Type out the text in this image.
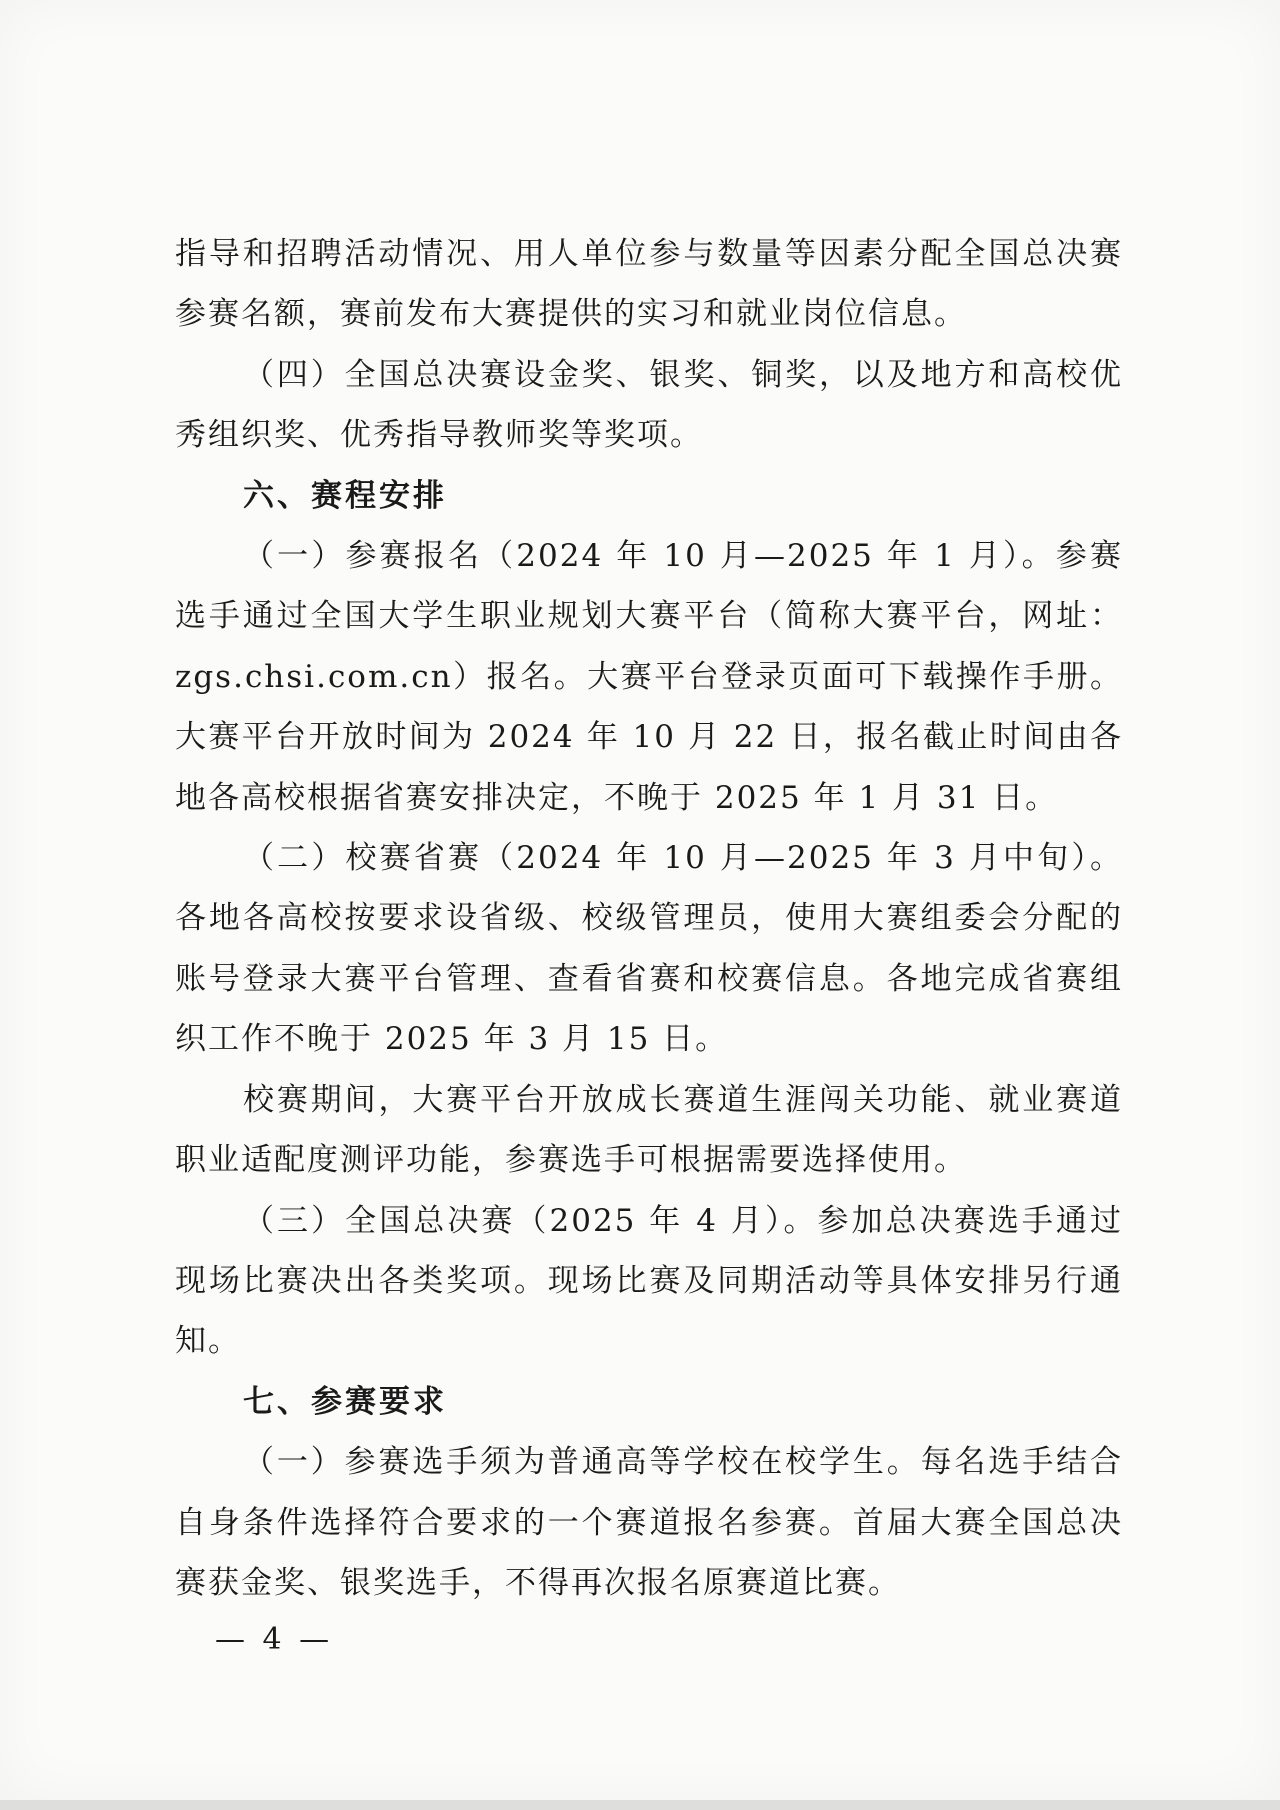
指导和招聘活动情况、用人单位参与数量等因素分配全国总决赛参赛名额，赛前发布大赛提供的实习和就业岗位信息。

（四）全国总决赛设金奖、银奖、铜奖，以及地方和高校优秀组织奖、优秀指导教师奖等奖项。

六、赛程安排

（一）参赛报名（2024 年 10 月—2025 年 1 月）。参赛选手通过全国大学生职业规划大赛平台（简称大赛平台，网址：zgs.chsi.com.cn）报名。大赛平台登录页面可下载操作手册。大赛平台开放时间为 2024 年 10 月 22 日，报名截止时间由各地各高校根据省赛安排决定，不晚于 2025 年 1 月 31 日。

（二）校赛省赛（2024 年 10 月—2025 年 3 月中旬）。各地各高校按要求设省级、校级管理员，使用大赛组委会分配的账号登录大赛平台管理、查看省赛和校赛信息。各地完成省赛组织工作不晚于 2025 年 3 月 15 日。

校赛期间，大赛平台开放成长赛道生涯闯关功能、就业赛道职业适配度测评功能，参赛选手可根据需要选择使用。

（三）全国总决赛（2025 年 4 月）。参加总决赛选手通过现场比赛决出各类奖项。现场比赛及同期活动等具体安排另行通知。

七、参赛要求

（一）参赛选手须为普通高等学校在校学生。每名选手结合自身条件选择符合要求的一个赛道报名参赛。首届大赛全国总决赛获金奖、银奖选手，不得再次报名原赛道比赛。

— 4 —
